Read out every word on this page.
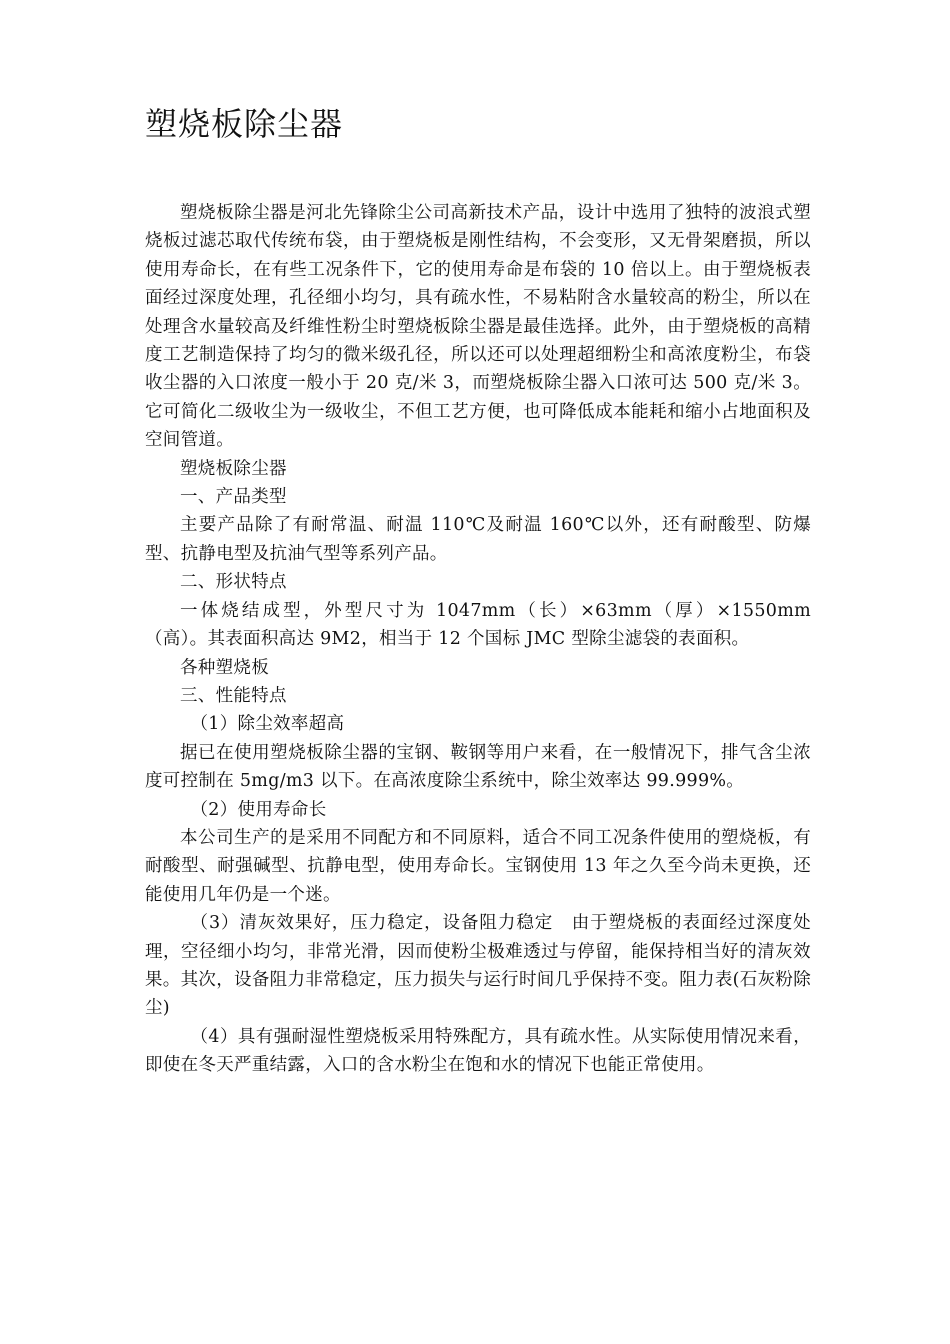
塑烧板除尘器

塑烧板除尘器是河北先锋除尘公司高新技术产品，设计中选用了独特的波浪式塑烧板过滤芯取代传统布袋，由于塑烧板是刚性结构，不会变形，又无骨架磨损，所以使用寿命长，在有些工况条件下，它的使用寿命是布袋的 10 倍以上。由于塑烧板表面经过深度处理，孔径细小均匀，具有疏水性，不易粘附含水量较高的粉尘，所以在处理含水量较高及纤维性粉尘时塑烧板除尘器是最佳选择。此外，由于塑烧板的高精度工艺制造保持了均匀的微米级孔径，所以还可以处理超细粉尘和高浓度粉尘，布袋收尘器的入口浓度一般小于 20 克/米 3，而塑烧板除尘器入口浓可达 500 克/米 3。它可简化二级收尘为一级收尘，不但工艺方便，也可降低成本能耗和缩小占地面积及空间管道。

塑烧板除尘器

一、产品类型

主要产品除了有耐常温、耐温 110℃及耐温 160℃以外，还有耐酸型、防爆型、抗静电型及抗油气型等系列产品。

二、形状特点

一体烧结成型，外型尺寸为 1047mm（长）×63mm（厚）×1550mm（高）。其表面积高达 9M2，相当于 12 个国标 JMC 型除尘滤袋的表面积。

各种塑烧板

三、性能特点

（1）除尘效率超高

据已在使用塑烧板除尘器的宝钢、鞍钢等用户来看，在一般情况下，排气含尘浓度可控制在 5mg/m3 以下。在高浓度除尘系统中，除尘效率达 99.999%。

（2）使用寿命长

本公司生产的是采用不同配方和不同原料，适合不同工况条件使用的塑烧板，有耐酸型、耐强碱型、抗静电型，使用寿命长。宝钢使用 13 年之久至今尚未更换，还能使用几年仍是一个迷。

（3）清灰效果好，压力稳定，设备阻力稳定　由于塑烧板的表面经过深度处理，空径细小均匀，非常光滑，因而使粉尘极难透过与停留，能保持相当好的清灰效果。其次，设备阻力非常稳定，压力损失与运行时间几乎保持不变。阻力表(石灰粉除尘)

（4）具有强耐湿性塑烧板采用特殊配方，具有疏水性。从实际使用情况来看，即使在冬天严重结露，入口的含水粉尘在饱和水的情况下也能正常使用。
